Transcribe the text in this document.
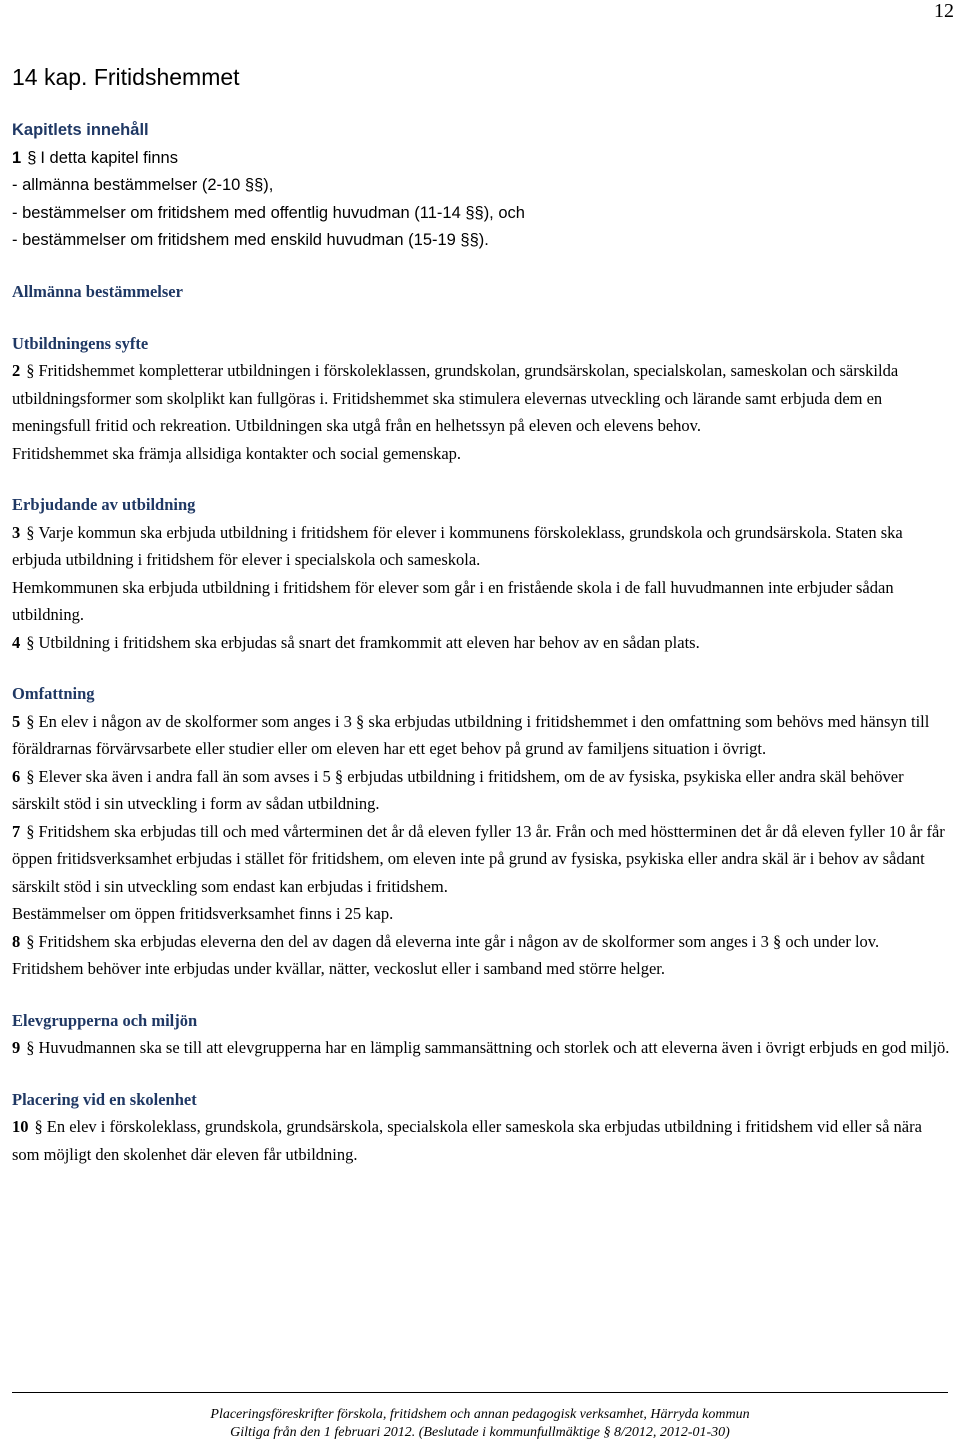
12
14 kap. Fritidshemmet

Kapitlets innehåll

1 § I detta kapitel finns

- allmänna bestämmelser (2-10 §§),

- bestämmelser om fritidshem med offentlig huvudman (11-14 §§), och

- bestämmelser om fritidshem med enskild huvudman (15-19 §§).

Allmänna bestämmelser

Utbildningens syfte

2 § Fritidshemmet kompletterar utbildningen i förskoleklassen, grundskolan, grundsärskolan, specialskolan, sameskolan och särskilda utbildningsformer som skolplikt kan fullgöras i. Fritidshemmet ska stimulera elevernas utveckling och lärande samt erbjuda dem en meningsfull fritid och rekreation. Utbildningen ska utgå från en helhetssyn på eleven och elevens behov.

Fritidshemmet ska främja allsidiga kontakter och social gemenskap.

Erbjudande av utbildning

3 § Varje kommun ska erbjuda utbildning i fritidshem för elever i kommunens förskoleklass, grundskola och grundsärskola. Staten ska erbjuda utbildning i fritidshem för elever i specialskola och sameskola.

Hemkommunen ska erbjuda utbildning i fritidshem för elever som går i en fristående skola i de fall huvudmannen inte erbjuder sådan utbildning.

4 § Utbildning i fritidshem ska erbjudas så snart det framkommit att eleven har behov av en sådan plats.

Omfattning

5 § En elev i någon av de skolformer som anges i 3 § ska erbjudas utbildning i fritidshemmet i den omfattning som behövs med hänsyn till föräldrarnas förvärvsarbete eller studier eller om eleven har ett eget behov på grund av familjens situation i övrigt.

6 § Elever ska även i andra fall än som avses i 5 § erbjudas utbildning i fritidshem, om de av fysiska, psykiska eller andra skäl behöver särskilt stöd i sin utveckling i form av sådan utbildning.

7 § Fritidshem ska erbjudas till och med vårterminen det år då eleven fyller 13 år. Från och med höstterminen det år då eleven fyller 10 år får öppen fritidsverksamhet erbjudas i stället för fritidshem, om eleven inte på grund av fysiska, psykiska eller andra skäl är i behov av sådant särskilt stöd i sin utveckling som endast kan erbjudas i fritidshem.

Bestämmelser om öppen fritidsverksamhet finns i 25 kap.

8 § Fritidshem ska erbjudas eleverna den del av dagen då eleverna inte går i någon av de skolformer som anges i 3 § och under lov. Fritidshem behöver inte erbjudas under kvällar, nätter, veckoslut eller i samband med större helger.

Elevgrupperna och miljön

9 § Huvudmannen ska se till att elevgrupperna har en lämplig sammansättning och storlek och att eleverna även i övrigt erbjuds en god miljö.

Placering vid en skolenhet

10 § En elev i förskoleklass, grundskola, grundsärskola, specialskola eller sameskola ska erbjudas utbildning i fritidshem vid eller så nära som möjligt den skolenhet där eleven får utbildning.

Placeringsföreskrifter förskola, fritidshem och annan pedagogisk verksamhet, Härryda kommun
Giltiga från den 1 februari 2012. (Beslutade i kommunfullmäktige § 8/2012, 2012-01-30)
